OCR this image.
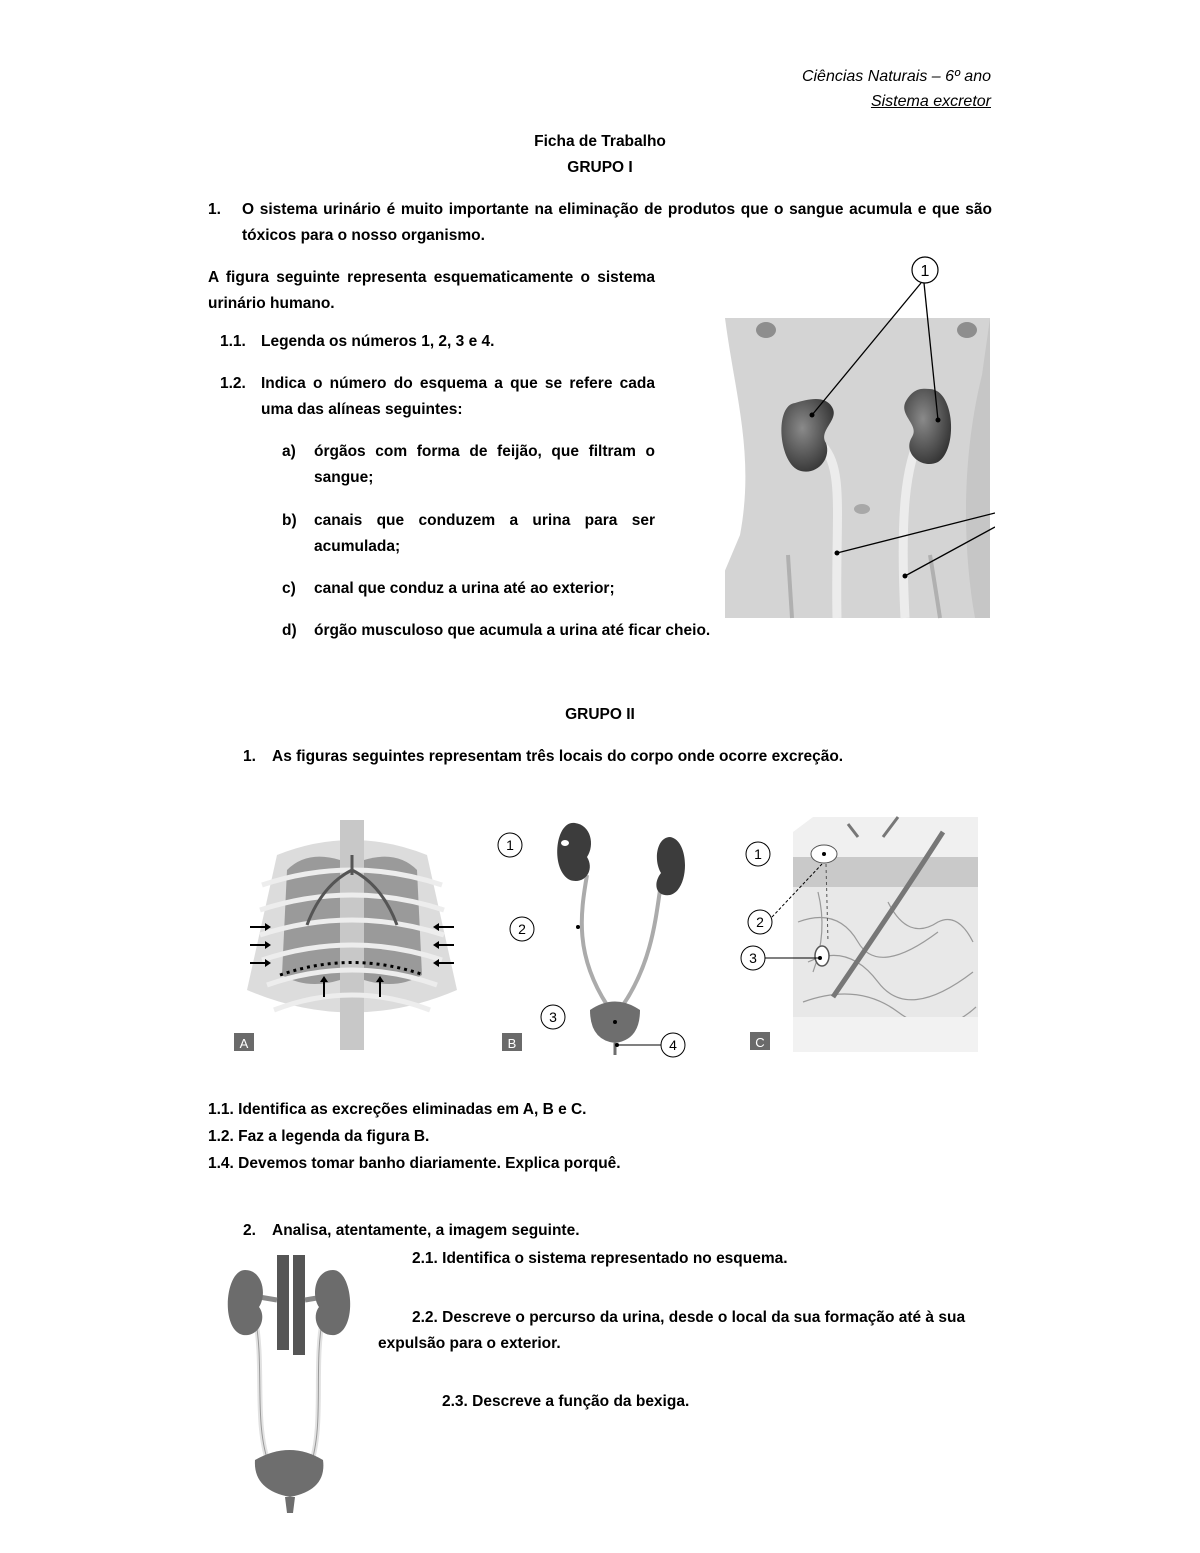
Ciências Naturais – 6º ano
Sistema excretor
Ficha de Trabalho
GRUPO I
1. O sistema urinário é muito importante na eliminação de produtos que o sangue acumula e que são tóxicos para o nosso organismo.
A figura seguinte representa esquematicamente o sistema urinário humano.
1.1. Legenda os números 1, 2, 3 e 4.
1.2. Indica o número do esquema a que se refere cada uma das alíneas seguintes:
a) órgãos com forma de feijão, que filtram o sangue;
b) canais que conduzem a urina para ser acumulada;
c) canal que conduz a urina até ao exterior;
d) órgão musculoso que acumula a urina até ficar cheio.
1
GRUPO II
1. As figuras seguintes representam três locais do corpo onde ocorre excreção.
A
1
2
3
4
B
1
2
3
C
1.1. Identifica as excreções eliminadas em A, B e C.
1.2. Faz a legenda da figura B.
1.4. Devemos tomar banho diariamente. Explica porquê.
2. Analisa, atentamente, a imagem seguinte.
2.1. Identifica o sistema representado no esquema.
2.2. Descreve o percurso da urina, desde o local da sua formação até à sua expulsão para o exterior.
2.3. Descreve a função da bexiga.
